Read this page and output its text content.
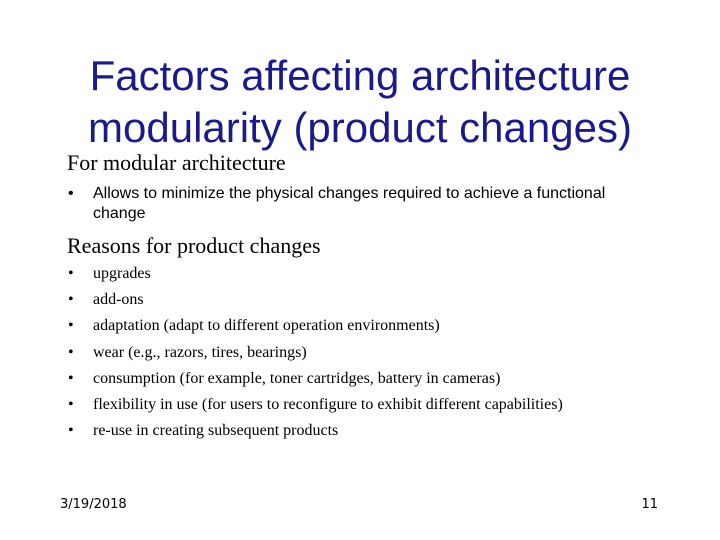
Factors affecting architecture
modularity (product changes)
For modular architecture
• Allows to minimize the physical changes required to achieve a functional change
Reasons for product changes
• upgrades
• add-ons
• adaptation (adapt to different operation environments)
• wear (e.g., razors, tires, bearings)
• consumption (for example, toner cartridges, battery in cameras)
• flexibility in use (for users to reconfigure to exhibit different capabilities)
• re-use in creating subsequent products
3/19/2018	11
